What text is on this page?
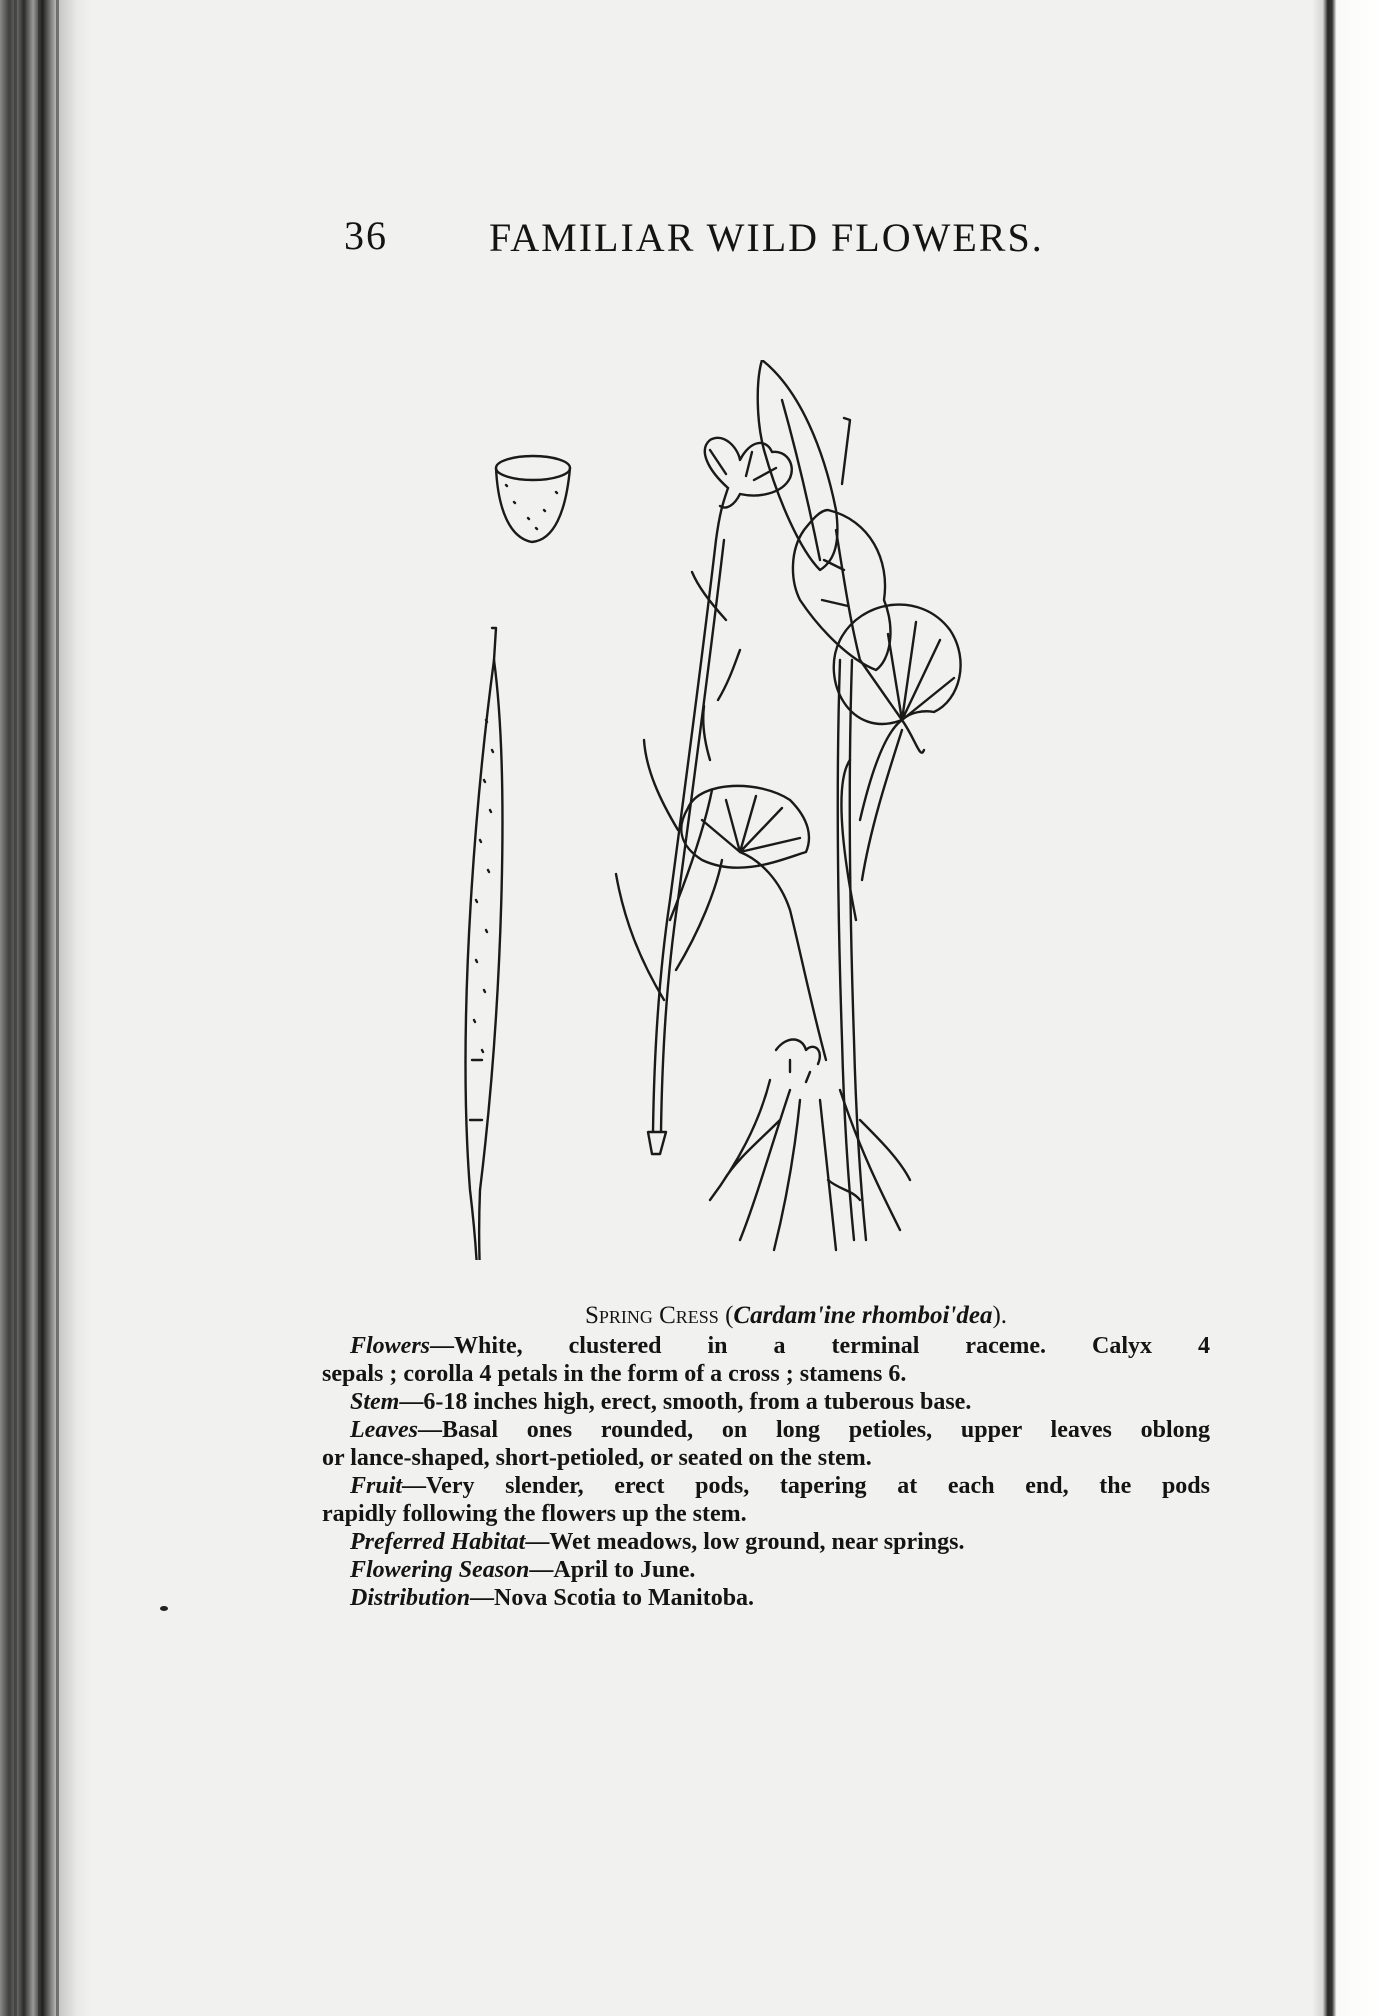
36	FAMILIAR WILD FLOWERS.
Spring Cress (Cardam'ine rhomboi'dea).

Flowers—White, clustered in a terminal raceme. Calyx 4

sepals ; corolla 4 petals in the form of a cross ; stamens 6.

Stem—6-18 inches high, erect, smooth, from a tuberous base.

Leaves—Basal ones rounded, on long petioles, upper leaves oblong

or lance-shaped, short-petioled, or seated on the stem.

Fruit—Very slender, erect pods, tapering at each end, the pods

rapidly following the flowers up the stem.

Preferred Habitat—Wet meadows, low ground, near springs.

Flowering Season—April to June.

Distribution—Nova Scotia to Manitoba.
